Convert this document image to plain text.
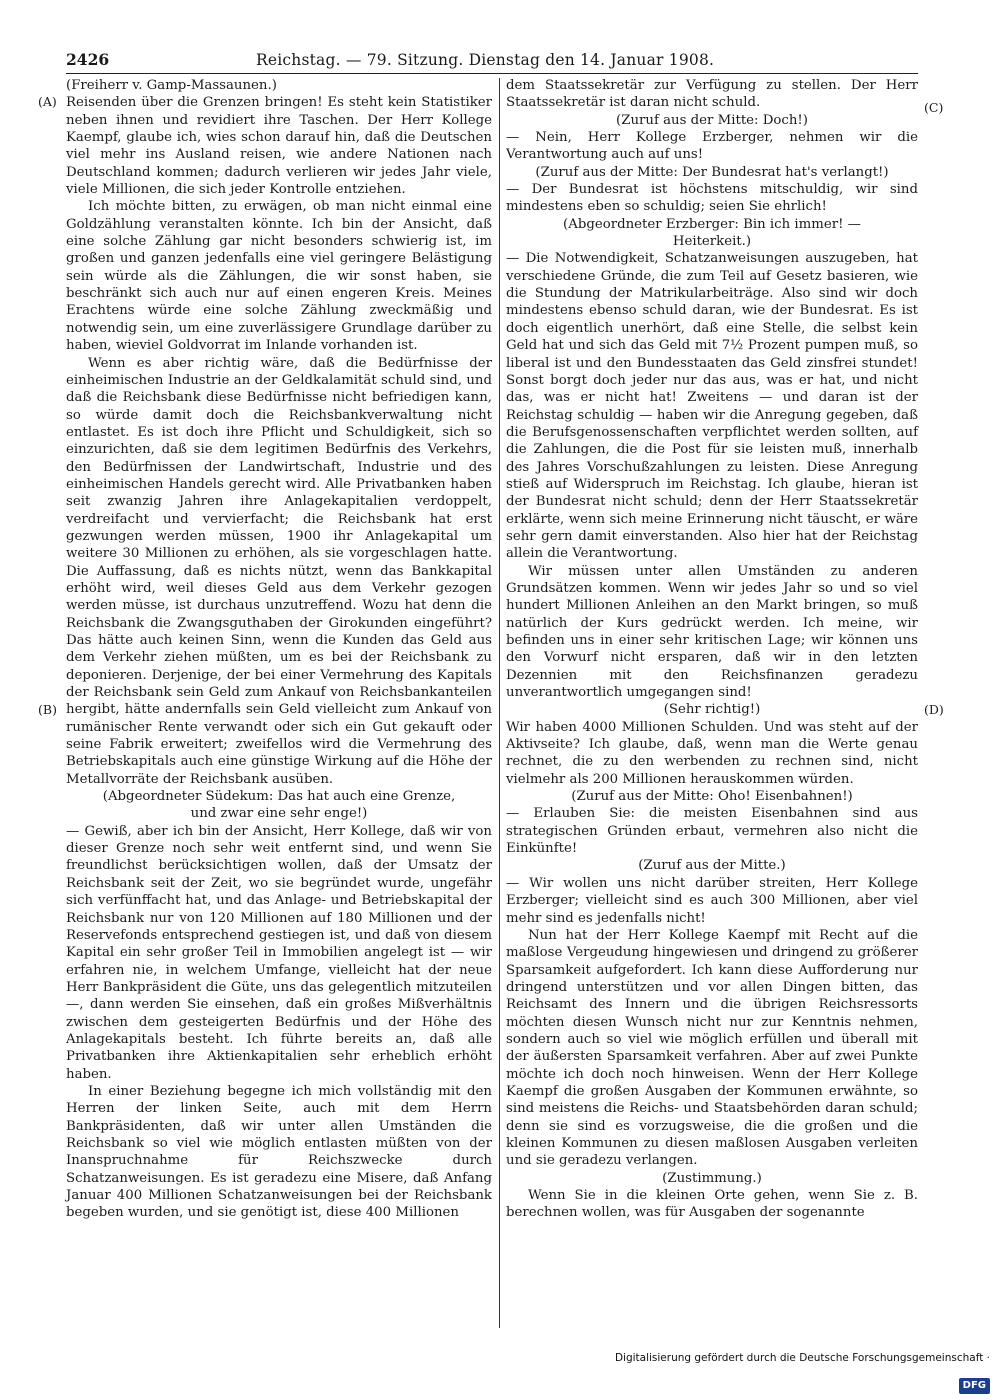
2426	Reichstag. — 79. Sitzung. Dienstag den 14. Januar 1908.
(A)
(B)
(C)
(D)

(Freiherr v. Gamp-Massaunen.)

Reisenden über die Grenzen bringen! Es steht kein Statistiker neben ihnen und revidiert ihre Taschen. Der Herr Kollege Kaempf, glaube ich, wies schon darauf hin, daß die Deutschen viel mehr ins Ausland reisen, wie andere Nationen nach Deutschland kommen; dadurch verlieren wir jedes Jahr viele, viele Millionen, die sich jeder Kontrolle entziehen.

Ich möchte bitten, zu erwägen, ob man nicht einmal eine Goldzählung veranstalten könnte. Ich bin der Ansicht, daß eine solche Zählung gar nicht besonders schwierig ist, im großen und ganzen jedenfalls eine viel geringere Belästigung sein würde als die Zählungen, die wir sonst haben, sie beschränkt sich auch nur auf einen engeren Kreis. Meines Erachtens würde eine solche Zählung zweckmäßig und notwendig sein, um eine zuverlässigere Grundlage darüber zu haben, wieviel Goldvorrat im Inlande vorhanden ist.

Wenn es aber richtig wäre, daß die Bedürfnisse der einheimischen Industrie an der Geldkalamität schuld sind, und daß die Reichsbank diese Bedürfnisse nicht befriedigen kann, so würde damit doch die Reichsbankverwaltung nicht entlastet. Es ist doch ihre Pflicht und Schuldigkeit, sich so einzurichten, daß sie dem legitimen Bedürfnis des Verkehrs, den Bedürfnissen der Landwirtschaft, Industrie und des einheimischen Handels gerecht wird. Alle Privatbanken haben seit zwanzig Jahren ihre Anlagekapitalien verdoppelt, verdreifacht und vervierfacht; die Reichsbank hat erst gezwungen werden müssen, 1900 ihr Anlagekapital um weitere 30 Millionen zu erhöhen, als sie vorgeschlagen hatte. Die Auffassung, daß es nichts nützt, wenn das Bankkapital erhöht wird, weil dieses Geld aus dem Verkehr gezogen werden müsse, ist durchaus unzutreffend. Wozu hat denn die Reichsbank die Zwangsguthaben der Girokunden eingeführt? Das hätte auch keinen Sinn, wenn die Kunden das Geld aus dem Verkehr ziehen müßten, um es bei der Reichsbank zu deponieren. Derjenige, der bei einer Vermehrung des Kapitals der Reichsbank sein Geld zum Ankauf von Reichsbankanteilen hergibt, hätte andernfalls sein Geld vielleicht zum Ankauf von rumänischer Rente verwandt oder sich ein Gut gekauft oder seine Fabrik erweitert; zweifellos wird die Vermehrung des Betriebskapitals auch eine günstige Wirkung auf die Höhe der Metallvorräte der Reichsbank ausüben.

(Abgeordneter Südekum: Das hat auch eine Grenze, und zwar eine sehr enge!)

— Gewiß, aber ich bin der Ansicht, Herr Kollege, daß wir von dieser Grenze noch sehr weit entfernt sind, und wenn Sie freundlichst berücksichtigen wollen, daß der Umsatz der Reichsbank seit der Zeit, wo sie begründet wurde, ungefähr sich verfünffacht hat, und das Anlage- und Betriebskapital der Reichsbank nur von 120 Millionen auf 180 Millionen und der Reservefonds entsprechend gestiegen ist, und daß von diesem Kapital ein sehr großer Teil in Immobilien angelegt ist — wir erfahren nie, in welchem Umfange, vielleicht hat der neue Herr Bankpräsident die Güte, uns das gelegentlich mitzuteilen —, dann werden Sie einsehen, daß ein großes Mißverhältnis zwischen dem gesteigerten Bedürfnis und der Höhe des Anlagekapitals besteht. Ich führte bereits an, daß alle Privatbanken ihre Aktienkapitalien sehr erheblich erhöht haben.

In einer Beziehung begegne ich mich vollständig mit den Herren der linken Seite, auch mit dem Herrn Bankpräsidenten, daß wir unter allen Umständen die Reichsbank so viel wie möglich entlasten müßten von der Inanspruchnahme für Reichszwecke durch Schatzanweisungen. Es ist geradezu eine Misere, daß Anfang Januar 400 Millionen Schatzanweisungen bei der Reichsbank begeben wurden, und sie genötigt ist, diese 400 Millionen

dem Staatssekretär zur Verfügung zu stellen. Der Herr Staatssekretär ist daran nicht schuld.

(Zuruf aus der Mitte: Doch!)

— Nein, Herr Kollege Erzberger, nehmen wir die Verantwortung auch auf uns!

(Zuruf aus der Mitte: Der Bundesrat hat's verlangt!)

— Der Bundesrat ist höchstens mitschuldig, wir sind mindestens eben so schuldig; seien Sie ehrlich!

(Abgeordneter Erzberger: Bin ich immer! — Heiterkeit.)

— Die Notwendigkeit, Schatzanweisungen auszugeben, hat verschiedene Gründe, die zum Teil auf Gesetz basieren, wie die Stundung der Matrikularbeiträge. Also sind wir doch mindestens ebenso schuld daran, wie der Bundesrat. Es ist doch eigentlich unerhört, daß eine Stelle, die selbst kein Geld hat und sich das Geld mit 7½ Prozent pumpen muß, so liberal ist und den Bundesstaaten das Geld zinsfrei stundet! Sonst borgt doch jeder nur das aus, was er hat, und nicht das, was er nicht hat! Zweitens — und daran ist der Reichstag schuldig — haben wir die Anregung gegeben, daß die Berufsgenossenschaften verpflichtet werden sollten, auf die Zahlungen, die die Post für sie leisten muß, innerhalb des Jahres Vorschußzahlungen zu leisten. Diese Anregung stieß auf Widerspruch im Reichstag. Ich glaube, hieran ist der Bundesrat nicht schuld; denn der Herr Staatssekretär erklärte, wenn sich meine Erinnerung nicht täuscht, er wäre sehr gern damit einverstanden. Also hier hat der Reichstag allein die Verantwortung.

Wir müssen unter allen Umständen zu anderen Grundsätzen kommen. Wenn wir jedes Jahr so und so viel hundert Millionen Anleihen an den Markt bringen, so muß natürlich der Kurs gedrückt werden. Ich meine, wir befinden uns in einer sehr kritischen Lage; wir können uns den Vorwurf nicht ersparen, daß wir in den letzten Dezennien mit den Reichsfinanzen geradezu unverantwortlich umgegangen sind!

(Sehr richtig!)

Wir haben 4000 Millionen Schulden. Und was steht auf der Aktivseite? Ich glaube, daß, wenn man die Werte genau rechnet, die zu den werbenden zu rechnen sind, nicht vielmehr als 200 Millionen herauskommen würden.

(Zuruf aus der Mitte: Oho! Eisenbahnen!)

— Erlauben Sie: die meisten Eisenbahnen sind aus strategischen Gründen erbaut, vermehren also nicht die Einkünfte!

(Zuruf aus der Mitte.)

— Wir wollen uns nicht darüber streiten, Herr Kollege Erzberger; vielleicht sind es auch 300 Millionen, aber viel mehr sind es jedenfalls nicht!

Nun hat der Herr Kollege Kaempf mit Recht auf die maßlose Vergeudung hingewiesen und dringend zu größerer Sparsamkeit aufgefordert. Ich kann diese Aufforderung nur dringend unterstützen und vor allen Dingen bitten, das Reichsamt des Innern und die übrigen Reichsressorts möchten diesen Wunsch nicht nur zur Kenntnis nehmen, sondern auch so viel wie möglich erfüllen und überall mit der äußersten Sparsamkeit verfahren. Aber auf zwei Punkte möchte ich doch noch hinweisen. Wenn der Herr Kollege Kaempf die großen Ausgaben der Kommunen erwähnte, so sind meistens die Reichs- und Staatsbehörden daran schuld; denn sie sind es vorzugsweise, die die großen und die kleinen Kommunen zu diesen maßlosen Ausgaben verleiten und sie geradezu verlangen.

(Zustimmung.)

Wenn Sie in die kleinen Orte gehen, wenn Sie z. B. berechnen wollen, was für Ausgaben der sogenannte

Digitalisierung gefördert durch die Deutsche Forschungsgemeinschaft ·DFG
